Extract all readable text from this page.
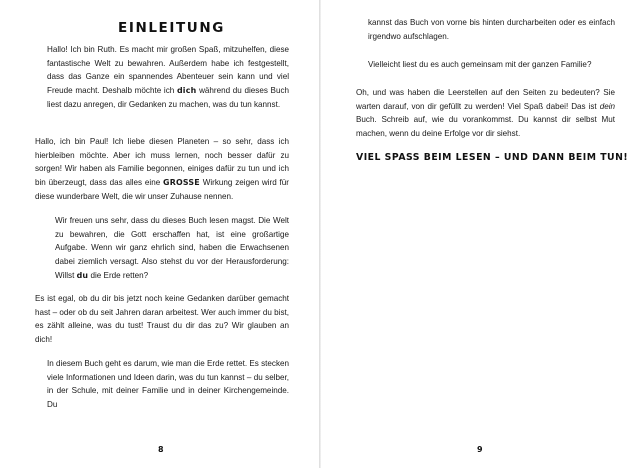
EINLEITUNG

Hallo! Ich bin Ruth. Es macht mir großen Spaß, mitzuhelfen, diese fantastische Welt zu bewahren. Außerdem habe ich festgestellt, dass das Ganze ein spannendes Abenteuer sein kann und viel Freude macht. Deshalb möchte ich dich während du dieses Buch liest dazu anregen, dir Gedanken zu machen, was du tun kannst.

Hallo, ich bin Paul! Ich liebe diesen Planeten – so sehr, dass ich hierbleiben möchte. Aber ich muss lernen, noch besser dafür zu sorgen! Wir haben als Familie begonnen, einiges dafür zu tun und ich bin überzeugt, dass das alles eine GROSSE Wirkung zeigen wird für diese wunderbare Welt, die wir unser Zuhause nennen.

Wir freuen uns sehr, dass du dieses Buch lesen magst. Die Welt zu bewahren, die Gott erschaffen hat, ist eine großartige Aufgabe. Wenn wir ganz ehrlich sind, haben die Erwachsenen dabei ziemlich versagt. Also stehst du vor der Herausforderung: Willst du die Erde retten?

Es ist egal, ob du dir bis jetzt noch keine Gedanken darüber gemacht hast – oder ob du seit Jahren daran arbeitest. Wer auch immer du bist, es zählt alleine, was du tust! Traust du dir das zu? Wir glauben an dich!

In diesem Buch geht es darum, wie man die Erde rettet. Es stecken viele Informationen und Ideen darin, was du tun kannst – du selber, in der Schule, mit deiner Familie und in deiner Kirchengemeinde. Du

8

kannst das Buch von vorne bis hinten durcharbeiten oder es einfach irgendwo aufschlagen.

Vielleicht liest du es auch gemeinsam mit der ganzen Familie?

Oh, und was haben die Leerstellen auf den Seiten zu bedeuten? Sie warten darauf, von dir gefüllt zu werden! Viel Spaß dabei! Das ist dein Buch. Schreib auf, wie du vorankommst. Du kannst dir selbst Mut machen, wenn du deine Erfolge vor dir siehst.

VIEL SPASS BEIM LESEN – UND DANN BEIM TUN!
9
